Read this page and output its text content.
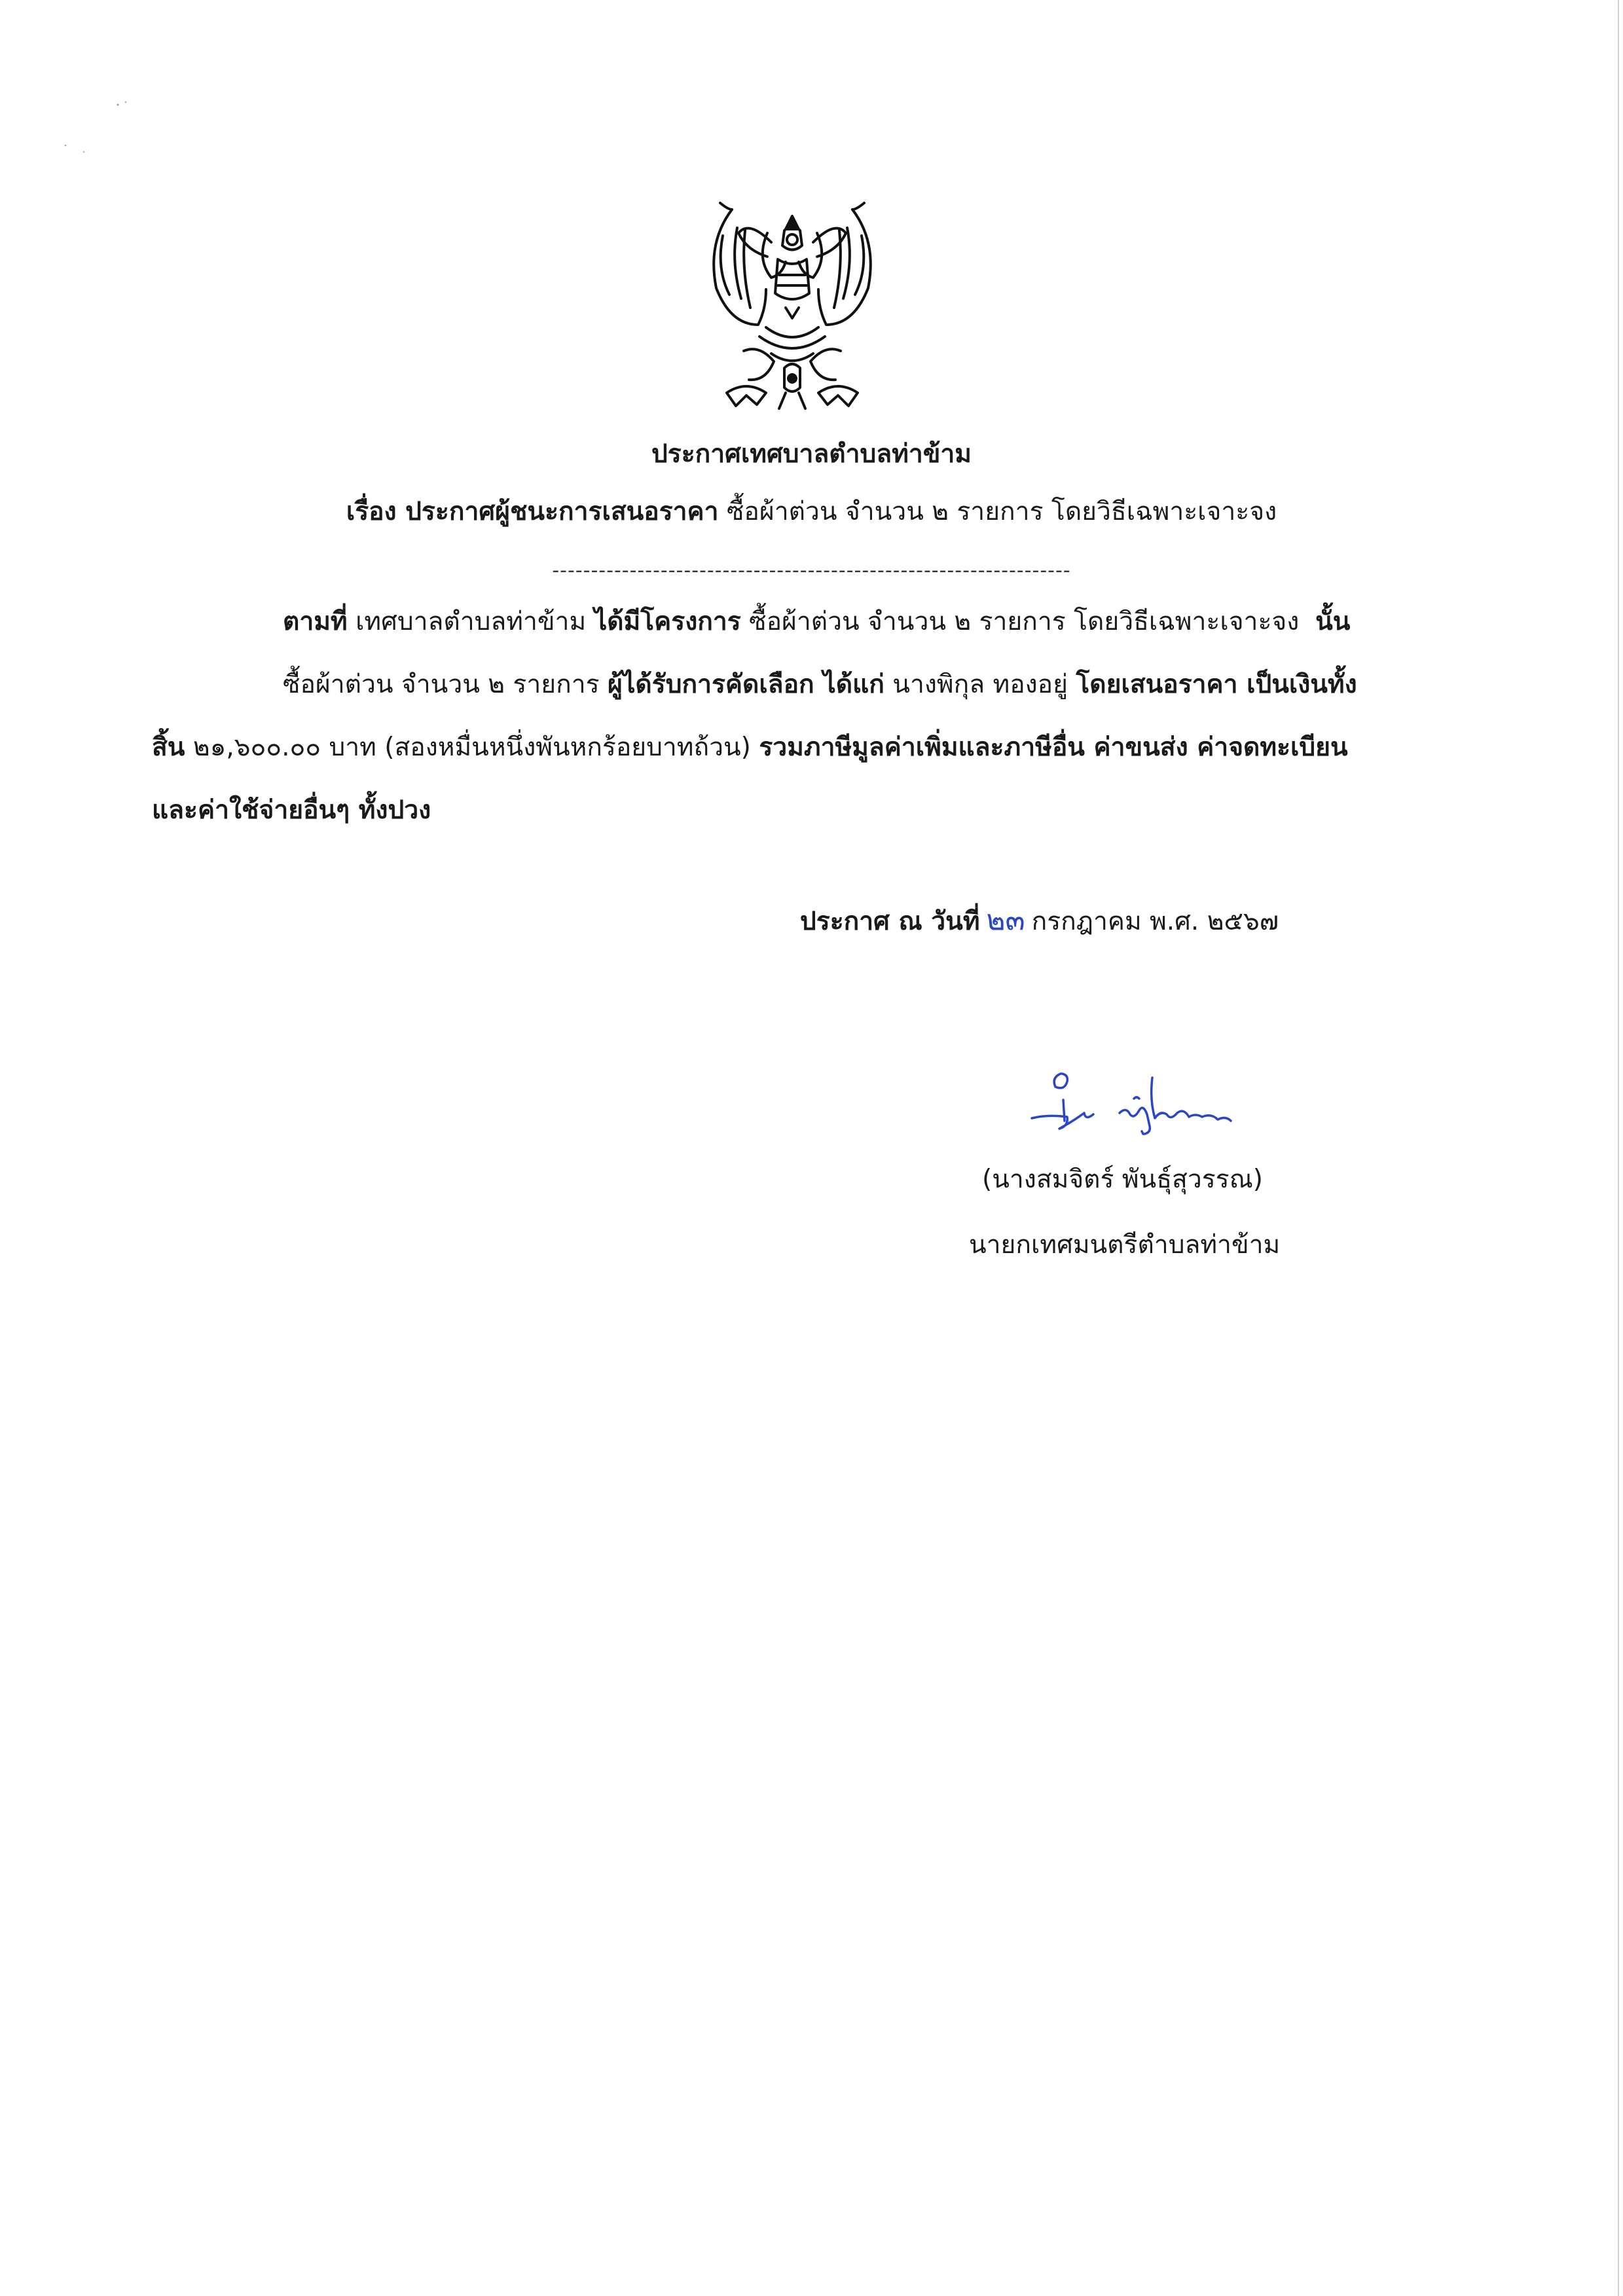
ประกาศเทศบาลตำบลท่าข้าม
เรื่อง ประกาศผู้ชนะการเสนอราคา ซื้อผ้าต่วน จำนวน ๒ รายการ โดยวิธีเฉพาะเจาะจง
-------------------------------------------------------------------
ตามที่ เทศบาลตำบลท่าข้าม ได้มีโครงการ ซื้อผ้าต่วน จำนวน ๒ รายการ โดยวิธีเฉพาะเจาะจง นั้น
ซื้อผ้าต่วน จำนวน ๒ รายการ ผู้ได้รับการคัดเลือก ได้แก่ นางพิกุล ทองอยู่ โดยเสนอราคา เป็นเงินทั้ง
สิ้น ๒๑,๖๐๐.๐๐ บาท (สองหมื่นหนึ่งพันหกร้อยบาทถ้วน) รวมภาษีมูลค่าเพิ่มและภาษีอื่น ค่าขนส่ง ค่าจดทะเบียน
และค่าใช้จ่ายอื่นๆ ทั้งปวง
ประกาศ ณ วันที่ ๒๓ กรกฎาคม พ.ศ. ๒๕๖๗
(นางสมจิตร์ พันธุ์สุวรรณ)
นายกเทศมนตรีตำบลท่าข้าม
